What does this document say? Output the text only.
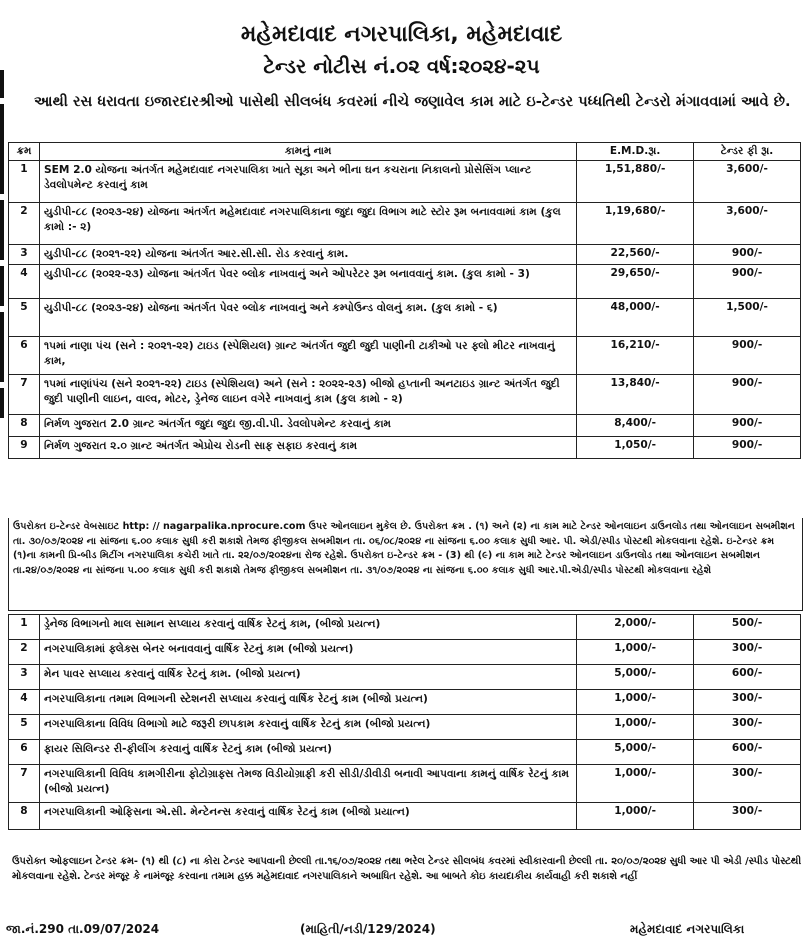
મહેમદાવાદ નગરપાલિકા, મહેમદાવાદ
ટેન્ડર નોટીસ નં.૦૨ વર્ષ:૨૦૨૪-૨૫
આથી રસ ધરાવતા ઇજારદારશ્રીઓ પાસેથી સીલબંધ કવરમાં નીચે જણાવેલ કામ માટે ઇ-ટેન્ડર પધ્ધતિથી ટેન્ડરો મંગાવવામાં આવે છે.
ક્રમ	કામનું નામ	E.M.D.રૂા.	ટેન્ડર ફી રૂા.
1	SEM 2.0 યોજના અંતર્ગત મહેમદાવાદ નગરપાલિકા ખાતે સૂકા અને ભીના ઘન કચરાના નિકાલનો પ્રોસેસિંગ પ્લાન્ટ ડેવલોપમેન્ટ કરવાનું કામ	1,51,880/-	3,600/-
2	યુડીપી-૮૮ (૨૦૨૩-૨૪) યોજના અંતર્ગત મહેમદાવાદ નગરપાલિકાના જુદા જુદા વિભાગ માટે સ્ટોર રૂમ બનાવવામાં કામ (કુલ કામો :- ૨)	1,19,680/-	3,600/-
3	યુડીપી-૮૮ (૨૦૨૧-૨૨) યોજના અંતર્ગત આર.સી.સી. રોડ કરવાનું કામ.	22,560/-	900/-
4	યુડીપી-૮૮ (૨૦૨૨-૨૩) યોજના અંતર્ગત પેવર બ્લોક નાખવાનું અને ઓપરેટર રૂમ બનાવવાનું કામ. (કુલ કામો - 3)	29,650/-	900/-
5	યુડીપી-૮૮ (૨૦૨૩-૨૪) યોજના અંતર્ગત પેવર બ્લોક નાખવાનું અને કમ્પોઉન્ડ વોલનું કામ. (કુલ કામો - ૬)	48,000/-	1,500/-
6	૧૫માં નાણા પંચ (સને : ૨૦૨૧-૨૨) ટાઇડ (સ્પેશિયલ) ગ્રાન્ટ અંતર્ગત જુદી જુદી પાણીની ટાકીઓ પર ફ્લો મીટર નાખવાનું કામ,	16,210/-	900/-
7	૧૫માં નાણાંપંચ (સને ૨૦૨૧-૨૨) ટાઇડ (સ્પેશિયલ) અને (સને : ૨૦૨૨-૨૩) બીજો હપ્તાની અનટાઇડ ગ્રાન્ટ અંતર્ગત જુદી જુદી પાણીની લાઇન, વાલ્વ, મોટર, ડ્રેનેજ લાઇન વગેરે નાખવાનું કામ (કુલ કામો - ૨)	13,840/-	900/-
8	નિર્મળ ગુજરાત 2.0 ગ્રાન્ટ અંતર્ગત જુદા જુદા જી.વી.પી. ડેવલોપમેન્ટ કરવાનું કામ	8,400/-	900/-
9	નિર્મળ ગુજરાત ૨.૦ ગ્રાન્ટ અંતર્ગત એપ્રોચ રોડની સાફ સફાઇ કરવાનું કામ	1,050/-	900/-
ઉપરોક્ત ઇ-ટેન્ડર વેબસાઇટ http: // nagarpalika.nprocure.com ઉપર ઓનલાઇન મુકેલ છે. ઉપરોક્ત ક્રમ . (૧) અને (૨) ના કામ માટે ટેન્ડર ઓનલાઇન ડાઉનલોડ તથા ઓનલાઇન સબમીશન તા. ૩૦/૦૭/૨૦૨૪ ના સાંજના ૬.૦૦ કલાક સુધી કરી શકાશે તેમજ ફીજીકલ સબમીશન તા. ૦૬/૦૮/૨૦૨૪ ના સાંજના ૬.૦૦ કલાક સુધી આર. પી. એડી/સ્પીડ પોસ્ટથી મોકલવાના રહેશે. ઇ-ટેન્ડર ક્રમ (૧)ના કામની પ્રિ-બીડ મિટીંગ નગરપાલિકા કચેરી ખાતે તા. ૨૨/૦૭/૨૦૨૪ના રોજ રહેશે. ઉપરોક્ત ઇ-ટેન્ડર ક્રમ - (3) થી (૯) ના કામ માટે ટેન્ડર ઓનલાઇન ડાઉનલોડ તથા ઓનલાઇન સબમીશન તા.૨૪/૦૭/૨૦૨૪ ના સાંજના ૫.૦૦ કલાક સુધી કરી શકાશે તેમજ ફીજીકલ સબમીશન તા. ૩૧/૦૭/૨૦૨૪ ના સાંજના ૬.૦૦ કલાક સુધી આર.પી.એડી/સ્પીડ પોસ્ટથી મોકલવાના રહેશે
1	ડ્રેનેજ વિભાગનો માલ સામાન સપ્લાય કરવાનું વાર્ષિક રેટનું કામ, (બીજો પ્રયત્ન)	2,000/-	500/-
2	નગરપાલિકામાં ફ્લેક્સ બેનર બનાવવાનું વાર્ષિક રેટનું કામ (બીજો પ્રયત્ન)	1,000/-	300/-
3	મેન પાવર સપ્લાય કરવાનું વાર્ષિક રેટનું કામ. (બીજો પ્રયત્ન)	5,000/-	600/-
4	નગરપાલિકાના તમામ વિભાગની સ્ટેશનરી સપ્લાય કરવાનું વાર્ષિક રેટનું કામ (બીજો પ્રયત્ન)	1,000/-	300/-
5	નગરપાલિકાના વિવિધ વિભાગો માટે જરૂરી છાપકામ કરવાનું વાર્ષિક રેટનું કામ (બીજો પ્રયત્ન)	1,000/-	300/-
6	ફાયર સિલિન્ડર રી-ફીલીંગ કરવાનું વાર્ષિક રેટનું કામ (બીજો પ્રયત્ન)	5,000/-	600/-
7	નગરપાલિકાની વિવિધ કામગીરીના ફોટોગ્રાફ્સ તેમજ વિડીયોગ્રાફી કરી સીડી/ડીવીડી બનાવી આપવાના કામનું વાર્ષિક રેટનું કામ (બીજો પ્રયત્ન)	1,000/-	300/-
8	નગરપાલિકાની ઓફિસના એ.સી. મેન્ટેનન્સ કરવાનું વાર્ષિક રેટનું કામ (બીજો પ્રયાત્ન)	1,000/-	300/-
ઉપરોક્ત ઓફલાઇન ટેન્ડર ક્રમ- (૧) થી (૮) ના કોરા ટેન્ડર આપવાની છેલ્લી તા.૧૬/૦૭/૨૦૨૪ તથા ભરેલ ટેન્ડર સીલબંધ કવરમાં સ્વીકારવાની છેલ્લી તા. ૨૦/૦૭/૨૦૨૪ સુધી આર પી એડી /સ્પીડ પોસ્ટથી મોકલવાના રહેશે. ટેન્ડર મંજૂર કે નામંજૂર કરવાના તમામ હક્ક મહેમદાવાદ નગરપાલિકાને અબાધિત રહેશે. આ બાબતે કોઇ કાયદાકીય કાર્યવાહી કરી શકાશે નહીં
જા.નં.290 તા.09/07/2024	(માહિતી/નડી/129/2024)	મહેમદાવાદ નગરપાલિકા
